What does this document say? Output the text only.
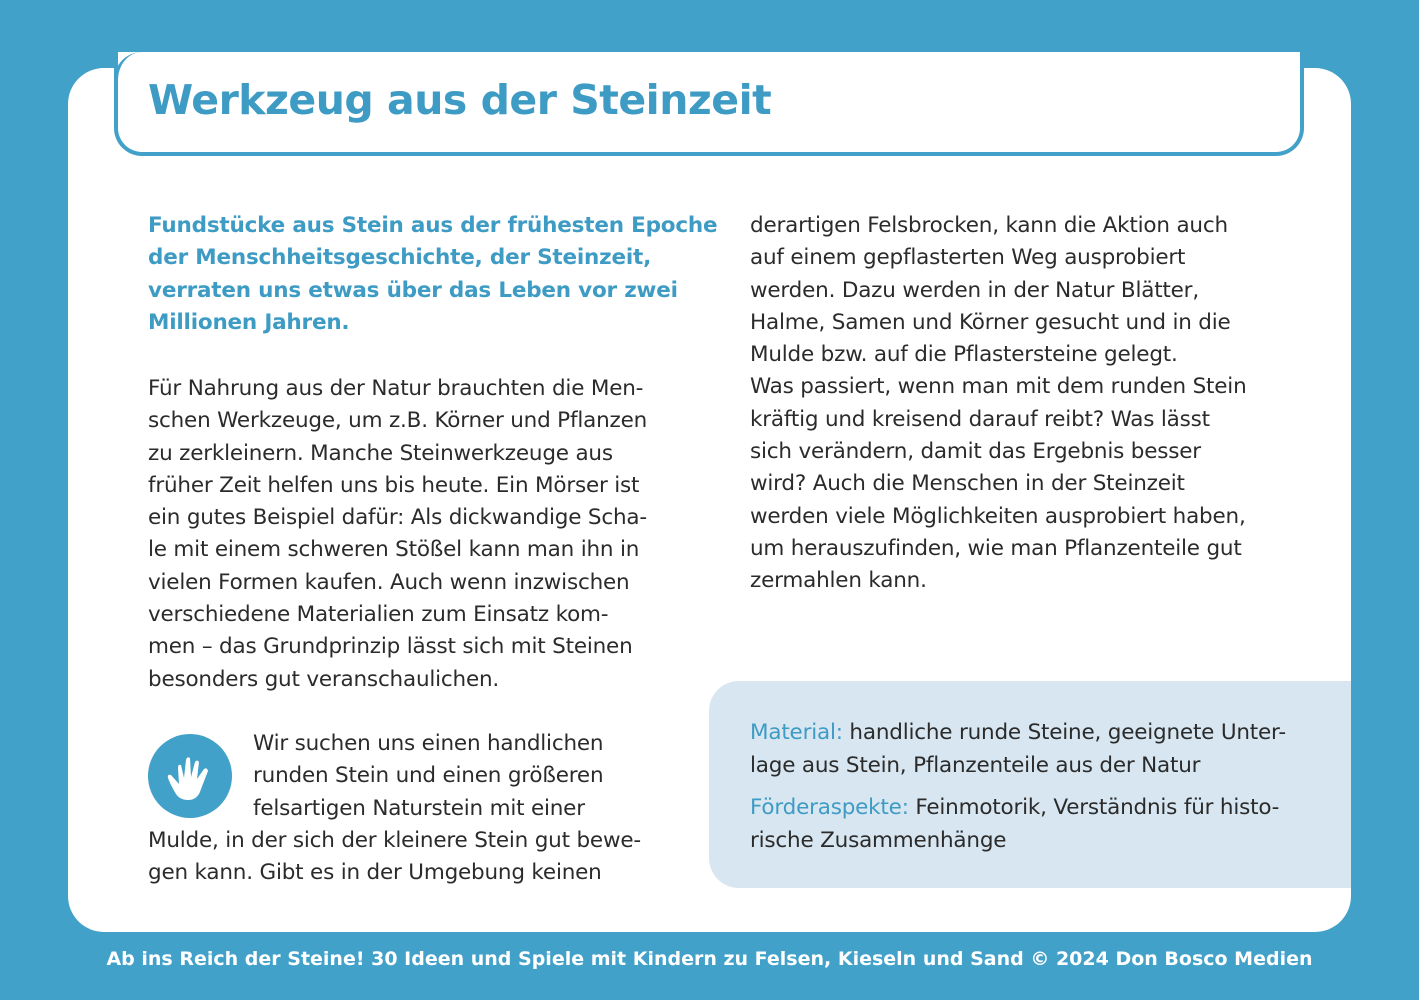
Werkzeug aus der Steinzeit
Fundstücke aus Stein aus der frühesten Epoche
der Menschheitsgeschichte, der Steinzeit,
verraten uns etwas über das Leben vor zwei
Millionen Jahren.
Für Nahrung aus der Natur brauchten die Men-
schen Werkzeuge, um z.B. Körner und Pflanzen
zu zerkleinern. Manche Steinwerkzeuge aus
früher Zeit helfen uns bis heute. Ein Mörser ist
ein gutes Beispiel dafür: Als dickwandige Scha-
le mit einem schweren Stößel kann man ihn in
vielen Formen kaufen. Auch wenn inzwischen
verschiedene Materialien zum Einsatz kom-
men – das Grundprinzip lässt sich mit Steinen
besonders gut veranschaulichen.
Wir suchen uns einen handlichen
runden Stein und einen größeren
felsartigen Naturstein mit einer
Mulde, in der sich der kleinere Stein gut bewe-
gen kann. Gibt es in der Umgebung keinen
derartigen Felsbrocken, kann die Aktion auch
auf einem gepflasterten Weg ausprobiert
werden. Dazu werden in der Natur Blätter,
Halme, Samen und Körner gesucht und in die
Mulde bzw. auf die Pflastersteine gelegt.
Was passiert, wenn man mit dem runden Stein
kräftig und kreisend darauf reibt? Was lässt
sich verändern, damit das Ergebnis besser
wird? Auch die Menschen in der Steinzeit
werden viele Möglichkeiten ausprobiert haben,
um herauszufinden, wie man Pflanzenteile gut
zermahlen kann.
Material: handliche runde Steine, geeignete Unter-
lage aus Stein, Pflanzenteile aus der Natur
Förderaspekte: Feinmotorik, Verständnis für histo-
rische Zusammenhänge
Ab ins Reich der Steine! 30 Ideen und Spiele mit Kindern zu Felsen, Kieseln und Sand © 2024 Don Bosco Medien
